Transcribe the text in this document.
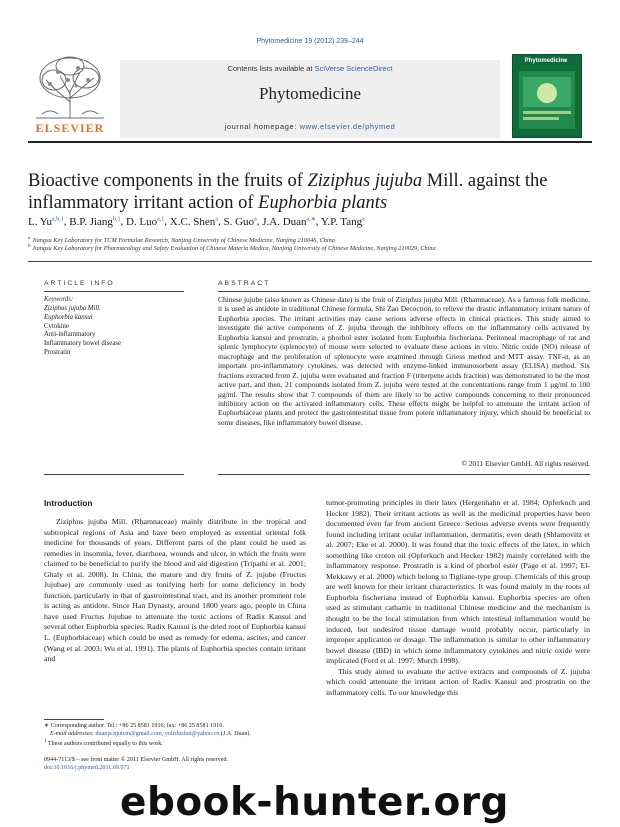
Phytomedicine 19 (2012) 239–244
ELSEVIER
Contents lists available at SciVerse ScienceDirect
Phytomedicine
journal homepage: www.elsevier.de/phymed
Phytomedicine
Bioactive components in the fruits of Ziziphus jujuba Mill. against the inflammatory irritant action of Euphorbia plants
L. Yu$^{a,b,1}$, B.P. Jiang$^{b,1}$, D. Luo$^{a,1}$, X.C. Shen$^a$, S. Guo$^a$, J.A. Duan$^{a,∗}$, Y.P. Tang$^a$
$^a$ Jiangsu Key Laboratory for TCM Formulae Research, Nanjing University of Chinese Medicine, Nanjing 210046, China
$^b$ Jiangsu Key Laboratory for Pharmacology and Safety Evaluation of Chinese Materia Medica, Nanjing University of Chinese Medicine, Nanjing 210029, China
ARTICLE INFO
Keywords:
Ziziphus jujuba Mill.
Euphorbia kansui
Cytokine
Anti-inflammatory
Inflammatory bowel disease
Prostratin
ABSTRACT
Chinese jujube (also known as Chinese date) is the fruit of Ziziphus jujuba Mill. (Rhamnaceae). As a famous folk medicine, it is used as antidote in traditional Chinese formula, Shi Zao Decoction, to relieve the drastic inflammatory irritant nature of Euphorbia species. The irritant activities may cause serious adverse effects in clinical practices. This study aimed to investigate the active components of Z. jujuba through the inhibitory effects on the inflammatory cells activated by Euphorbia kansui and prostratin, a phorbol ester isolated from Euphorbia fischeriana. Peritoneal macrophage of rat and splenic lymphocyte (splenocyte) of mouse were selected to evaluate these actions in vitro. Nitric oxide (NO) release of macrophage and the proliferation of splenocyte were examined through Griess method and MTT assay. TNF-α, as an important pro-inflammatory cytokines, was detected with enzyme-linked immunosorbent assay (ELISA) method. Six fractions extracted from Z. jujuba were evaluated and fraction F (triterpene acids fraction) was demonstrated to be the most active part, and then, 21 compounds isolated from Z. jujuba were tested at the concentrations range from 1 μg/ml to 100 μg/ml. The results show that 7 compounds of them are likely to be active compounds concerning to their pronounced inhibitory action on the activated inflammatory cells. These effects might be helpful to attenuate the irritant action of Euphorbiaceae plants and protect the gastrointestinal tissue from potent inflammatory injury, which should be beneficial to some diseases, like inflammatory bowel disease.
© 2011 Elsevier GmbH. All rights reserved.
Introduction
Ziziphus jujuba Mill. (Rhamnaceae) mainly distribute in the tropical and subtropical regions of Asia and have been employed as essential oriental folk medicine for thousands of years. Different parts of the plant could be used as remedies in insomnia, fever, diarrhoea, wounds and ulcer, in which the fruits were claimed to be beneficial to purify the blood and aid digestion (Tripathi et al. 2001; Ghaly et al. 2008). In China, the mature and dry fruits of Z. jujube (Fructus Jujubae) are commonly used as tonifying herb for some deficiency in body function, particularly in that of gastrointestinal tract, and its another prominent role is acting as antidote. Since Han Dynasty, around 1800 years ago, people in China have used Fructus Jujubae to attenuate the toxic actions of Radix Kansui and several other Euphorbia species. Radix Kansui is the dried root of Euphorbia kansui L. (Euphorbiaceae) which could be used as remedy for edema, ascites, and cancer (Wang et al. 2003; Wu et al. 1991). The plants of Euphorbia species contain irritant and

tumor-promoting principles in their latex (Hergenhahn et al. 1984; Opferkuch and Hecker 1982). Their irritant actions as well as the medicinal properties have been documented even far from ancient Greece. Serious adverse events were frequently found including irritant ocular inflammation, dermatitis, even death (Shlamovitz et al. 2007; Eke et al. 2000). It was found that the toxic effects of the latex, in which something like croton oil (Opferkuch and Hecker 1982) mainly correlated with the inflammatory response. Prostratin is a kind of phorbol ester (Page et al. 1997; El-Mekkawy et al. 2000) which belong to Tigliane-type group. Chemicals of this group are well known for their irritant characteristics. It was found mainly in the roots of Euphorbia fischeriana instead of Euphorbia kansui. Euphorbia species are often used as stimulant cathartic in traditional Chinese medicine and the mechanism is thought to be the local stimulation from which intestinal inflammation would be induced, but undesired tissue damage would probably occur, particularly in improper application or dosage. The inflammation is similar to other inflammatory bowel disease (IBD) in which some inflammatory cytokines and nitric oxide were implicated (Ford et al. 1997; Murch 1998).

This study aimed to evaluate the active extracts and compounds of Z. jujuba which could attenuate the irritant action of Radix Kansui and prostratin on the inflammatory cells. To our knowledge this

∗ Corresponding author. Tel.: +86 25 8581 1916; fax: +86 25 8581 1916.
E-mail addresses: duanja.njutcm@gmail.com, yulishishui@yahoo.cn (J.A. Duan).
$^1$ These authors contributed equally to this work.
0944-7113/$ – see front matter © 2011 Elsevier GmbH. All rights reserved.
doi:10.1016/j.phymed.2011.09.071
ebook-hunter.org
